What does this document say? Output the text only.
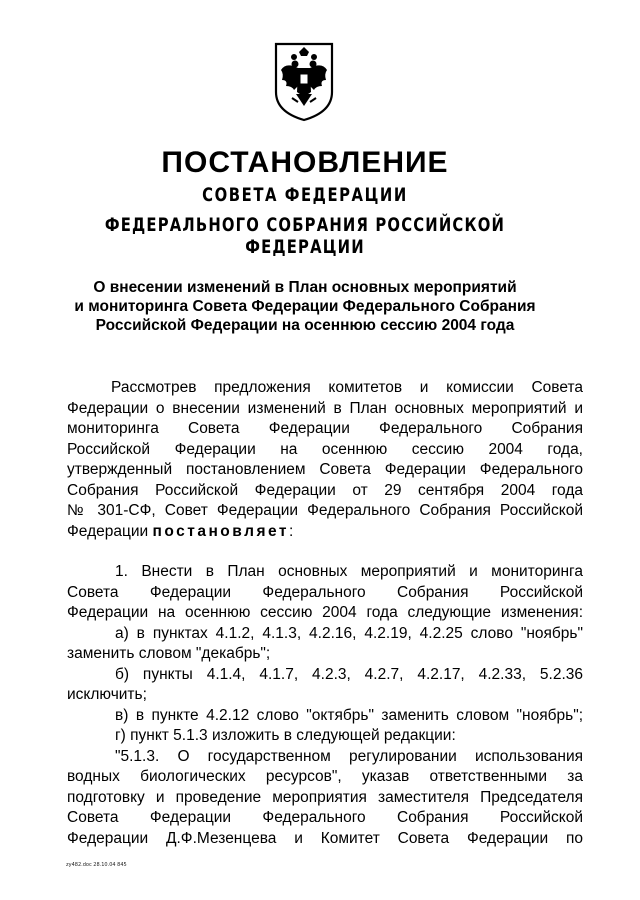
ПОСТАНОВЛЕНИЕ
СОВЕТА ФЕДЕРАЦИИ
ФЕДЕРАЛЬНОГО СОБРАНИЯ РОССИЙСКОЙ ФЕДЕРАЦИИ
О внесении изменений в План основных мероприятий
и мониторинга Совета Федерации Федерального Собрания
Российской Федерации на осеннюю сессию 2004 года
Рассмотрев предложения комитетов и комиссии Совета
Федерации о внесении изменений в План основных мероприятий и
мониторинга Совета Федерации Федерального Собрания
Российской Федерации на осеннюю сессию 2004 года,
утвержденный постановлением Совета Федерации Федерального
Собрания Российской Федерации от 29 сентября 2004 года
№ 301-СФ, Совет Федерации Федерального Собрания Российской
Федерации постановляет:
1. Внести в План основных мероприятий и мониторинга
Совета Федерации Федерального Собрания Российской
Федерации на осеннюю сессию 2004 года следующие изменения:
а) в пунктах 4.1.2, 4.1.3, 4.2.16, 4.2.19, 4.2.25 слово "ноябрь"
заменить словом "декабрь";
б) пункты 4.1.4, 4.1.7, 4.2.3, 4.2.7, 4.2.17, 4.2.33, 5.2.36
исключить;
в) в пункте 4.2.12 слово "октябрь" заменить словом "ноябрь";
г) пункт 5.1.3 изложить в следующей редакции:
"5.1.3. О государственном регулировании использования
водных биологических ресурсов", указав ответственными за
подготовку и проведение мероприятия заместителя Председателя
Совета Федерации Федерального Собрания Российской
Федерации Д.Ф.Мезенцева и Комитет Совета Федерации по
zy482.doc 28.10.04 845
